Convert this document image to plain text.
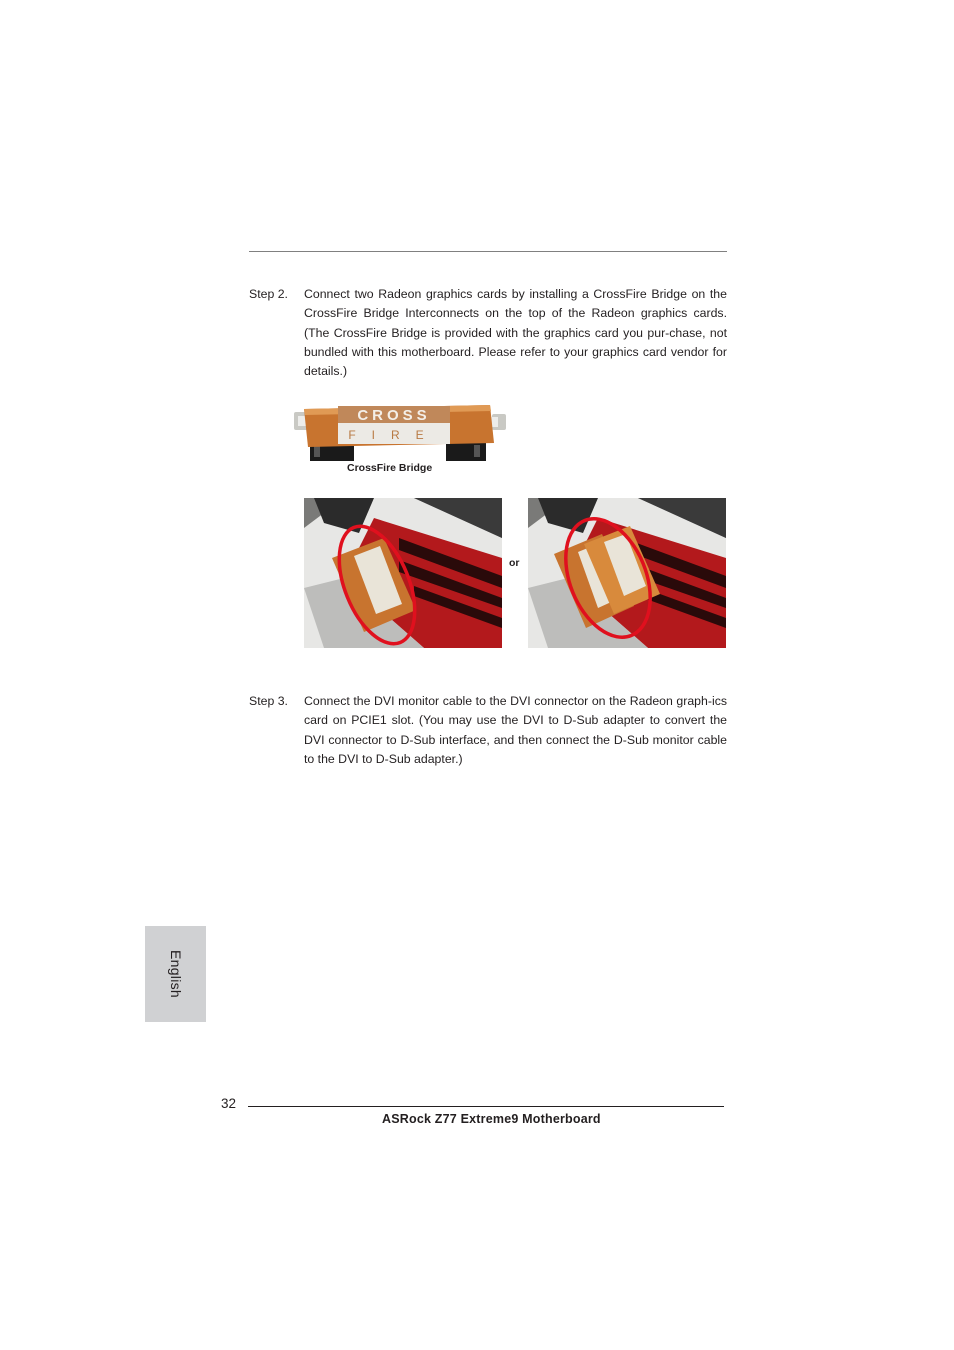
Step 2. Connect two Radeon graphics cards by installing a CrossFire Bridge on the CrossFire Bridge Interconnects on the top of the Radeon graphics cards. (The CrossFire Bridge is provided with the graphics card you pur-chase, not bundled with this motherboard. Please refer to your graphics card vendor for details.)
CROSS
FIRE
CrossFire Bridge
or
Step 3. Connect the DVI monitor cable to the DVI connector on the Radeon graph-ics card on PCIE1 slot. (You may use the DVI to D-Sub adapter to convert the DVI connector to D-Sub interface, and then connect the D-Sub monitor cable to the DVI to D-Sub adapter.)
English
32
ASRock Z77 Extreme9 Motherboard
